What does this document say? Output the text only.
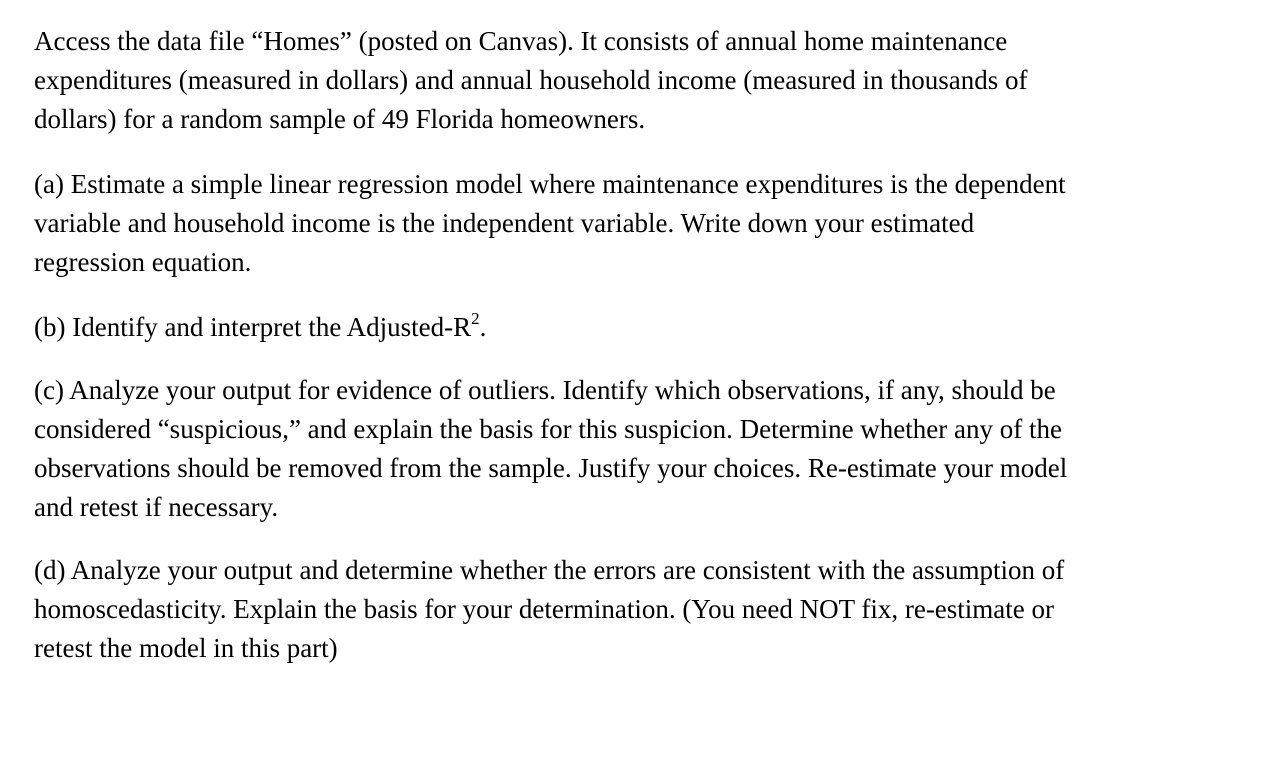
Access the data file “Homes” (posted on Canvas). It consists of annual home maintenance
expenditures (measured in dollars) and annual household income (measured in thousands of
dollars) for a random sample of 49 Florida homeowners.

(a) Estimate a simple linear regression model where maintenance expenditures is the dependent
variable and household income is the independent variable. Write down your estimated
regression equation.

(b) Identify and interpret the Adjusted-$R^2$.

(c) Analyze your output for evidence of outliers. Identify which observations, if any, should be
considered “suspicious,” and explain the basis for this suspicion. Determine whether any of the
observations should be removed from the sample. Justify your choices. Re-estimate your model
and retest if necessary.

(d) Analyze your output and determine whether the errors are consistent with the assumption of
homoscedasticity. Explain the basis for your determination. (You need NOT fix, re-estimate or
retest the model in this part)
